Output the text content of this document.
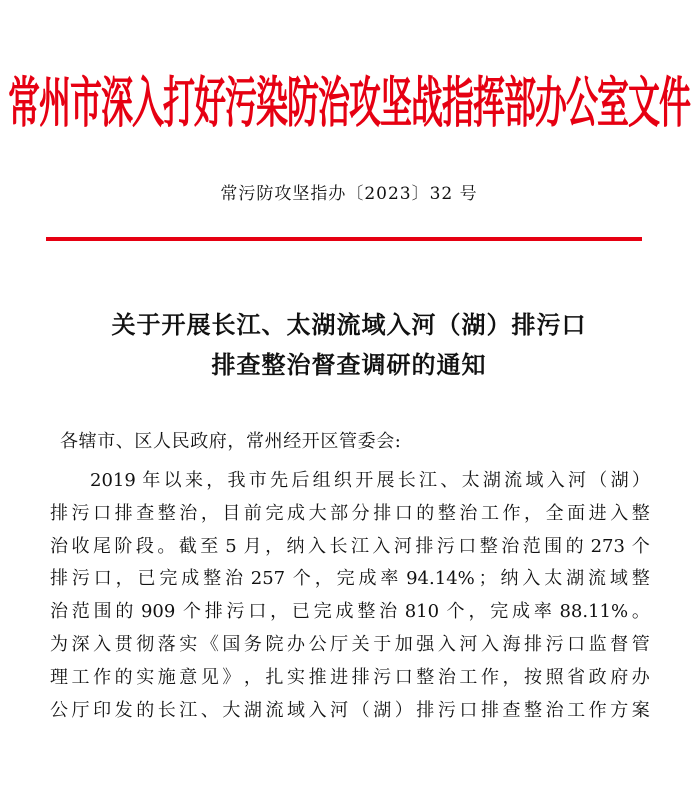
常州市深入打好污染防治攻坚战指挥部办公室文件
常污防攻坚指办〔2023〕32 号
关于开展长江、太湖流域入河（湖）排污口
排查整治督查调研的通知
各辖市、区人民政府，常州经开区管委会:
2019 年 以 来 ， 我 市 先 后 组 织 开 展 长 江 、 太 湖 流 域 入 河 （ 湖 ）
排 污 口 排 查 整 治 ， 目 前 完 成 大 部 分 排 口 的 整 治 工 作 ， 全 面 进 入 整
治 收 尾 阶 段 。 截 至 5 月 ， 纳 入 长 江 入 河 排 污 口 整 治 范 围 的 273 个
排 污 口 ， 已 完 成 整 治 257 个 ， 完 成 率 94.14% ； 纳 入 太 湖 流 域 整
治 范 围 的 909 个 排 污 口 ， 已 完 成 整 治 810 个 ， 完 成 率 88.11% 。
为 深 入 贯 彻 落 实 《 国 务 院 办 公 厅 关 于 加 强 入 河 入 海 排 污 口 监 督 管
理 工 作 的 实 施 意 见 》 ， 扎 实 推 进 排 污 口 整 治 工 作 ， 按 照 省 政 府 办
公 厅 印 发 的 长 江 、 大 湖 流 域 入 河 （ 湖 ） 排 污 口 排 查 整 治 工 作 方 案
